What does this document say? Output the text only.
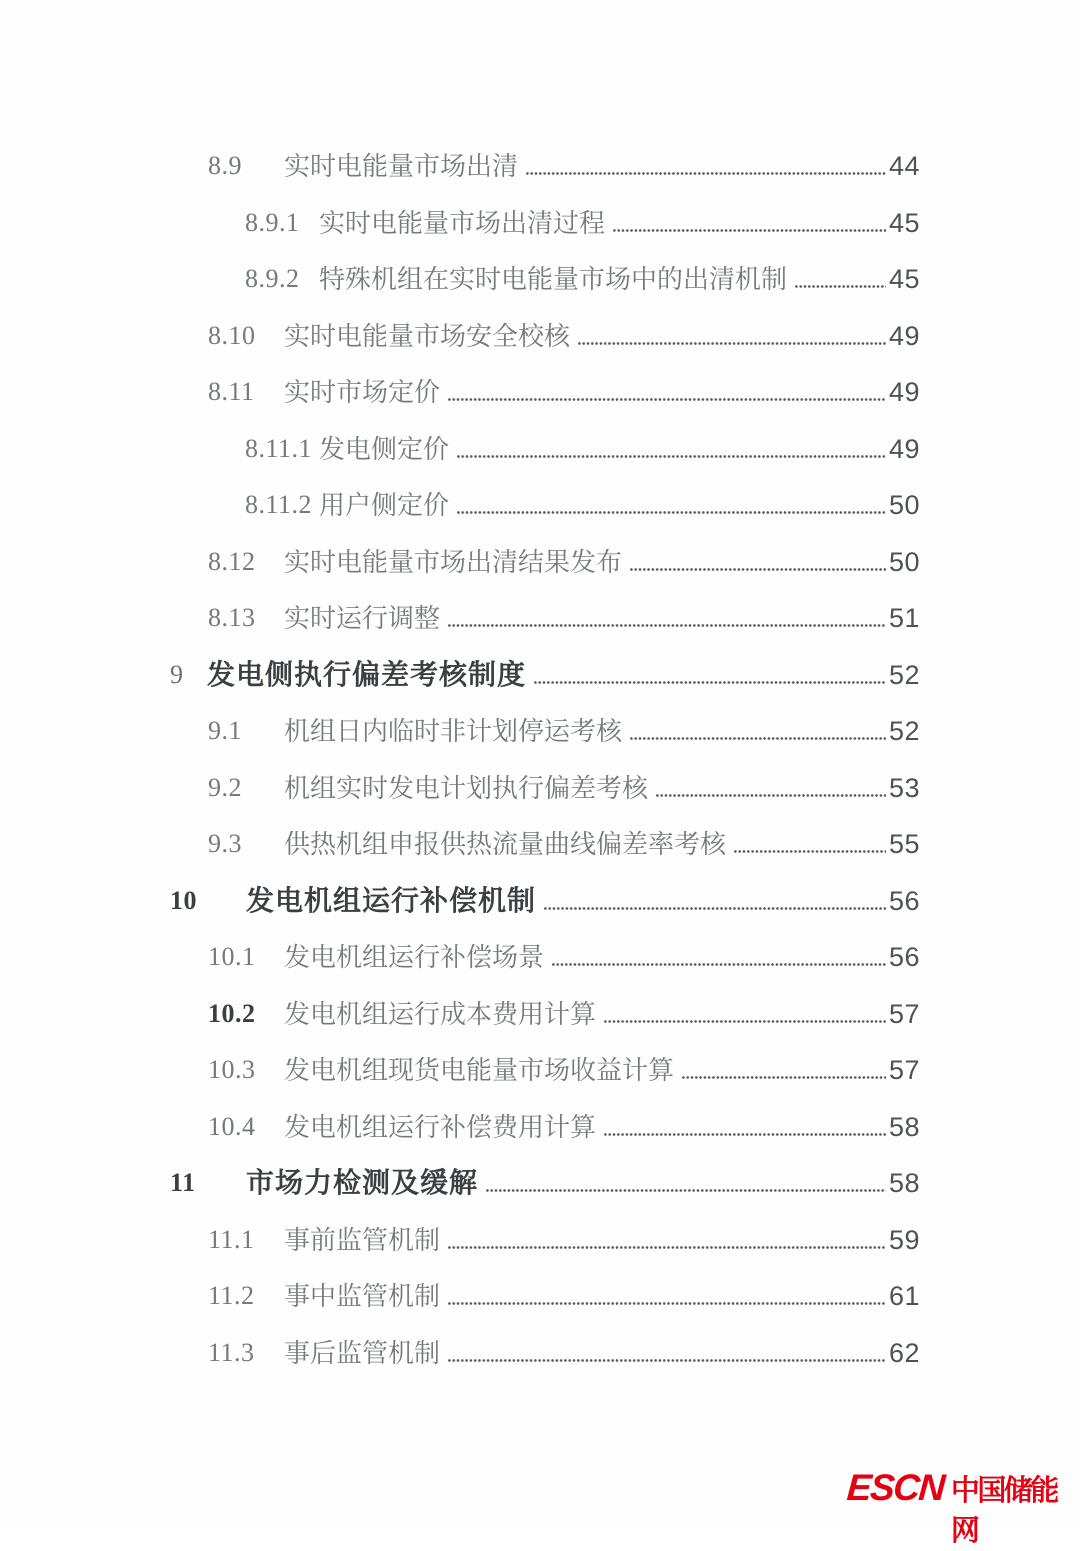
8.9 实时电能量市场出清	44
8.9.1 实时电能量市场出清过程	45
8.9.2 特殊机组在实时电能量市场中的出清机制	45
8.10 实时电能量市场安全校核	49
8.11 实时市场定价	49
8.11.1 发电侧定价	49
8.11.2 用户侧定价	50
8.12 实时电能量市场出清结果发布	50
8.13 实时运行调整	51
9 发电侧执行偏差考核制度	52
9.1 机组日内临时非计划停运考核	52
9.2 机组实时发电计划执行偏差考核	53
9.3 供热机组申报供热流量曲线偏差率考核	55
10 发电机组运行补偿机制	56
10.1 发电机组运行补偿场景	56
10.2 发电机组运行成本费用计算	57
10.3 发电机组现货电能量市场收益计算	57
10.4 发电机组运行补偿费用计算	58
11 市场力检测及缓解	58
11.1 事前监管机制	59
11.2 事中监管机制	61
11.3 事后监管机制	62
ESCN 中国储能网
